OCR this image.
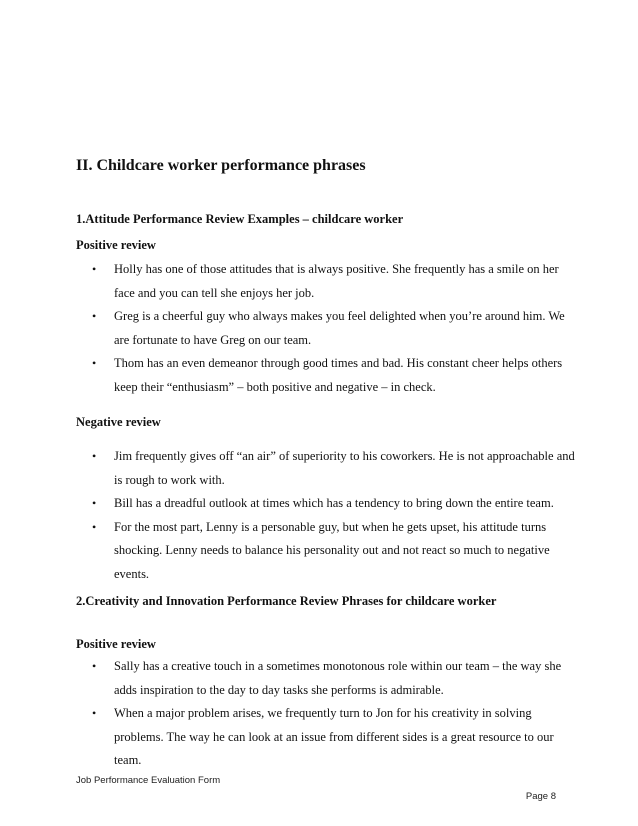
II. Childcare worker performance phrases
1.Attitude Performance Review Examples – childcare worker
Positive review
• Holly has one of those attitudes that is always positive. She frequently has a smile on her face and you can tell she enjoys her job.
• Greg is a cheerful guy who always makes you feel delighted when you’re around him. We are fortunate to have Greg on our team.
• Thom has an even demeanor through good times and bad. His constant cheer helps others keep their “enthusiasm” – both positive and negative – in check.
Negative review
• Jim frequently gives off “an air” of superiority to his coworkers. He is not approachable and is rough to work with.
• Bill has a dreadful outlook at times which has a tendency to bring down the entire team.
• For the most part, Lenny is a personable guy, but when he gets upset, his attitude turns shocking. Lenny needs to balance his personality out and not react so much to negative events.
2.Creativity and Innovation Performance Review Phrases for childcare worker
Positive review
• Sally has a creative touch in a sometimes monotonous role within our team – the way she adds inspiration to the day to day tasks she performs is admirable.
• When a major problem arises, we frequently turn to Jon for his creativity in solving problems. The way he can look at an issue from different sides is a great resource to our team.
Job Performance Evaluation Form
Page 8
